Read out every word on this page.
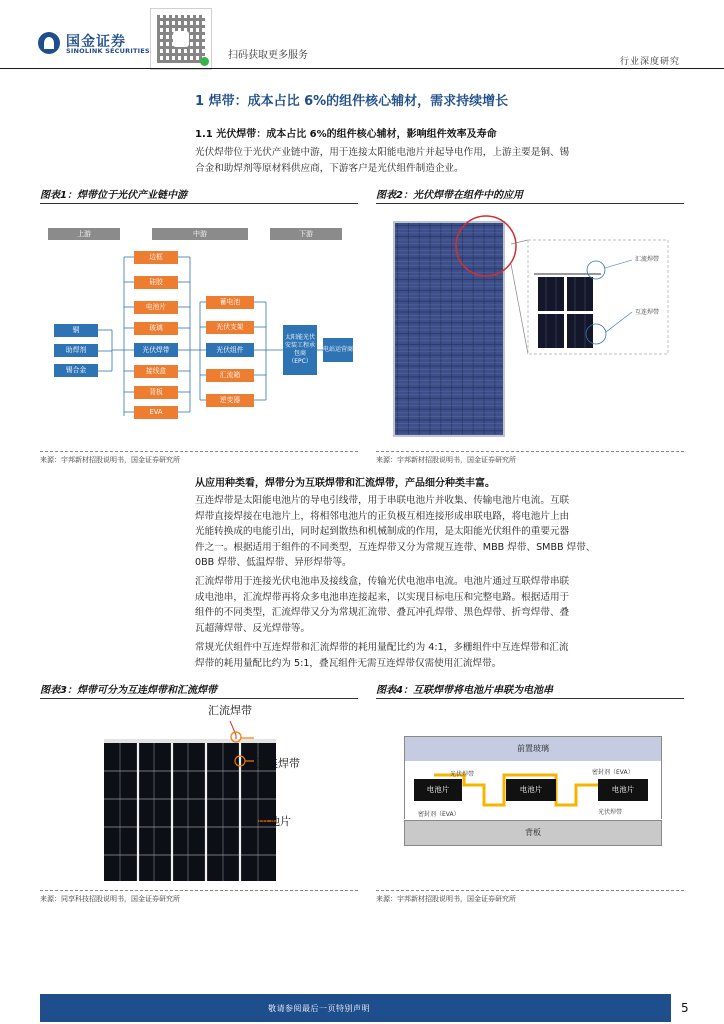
国金证券
SINOLINK SECURITIES	扫码获取更多服务
行业深度研究
1 焊带：成本占比 6%的组件核心辅材，需求持续增长
1.1 光伏焊带：成本占比 6%的组件核心辅材，影响组件效率及寿命
光伏焊带位于光伏产业链中游，用于连接太阳能电池片并起导电作用，上游主要是铜、锡
合金和助焊剂等原材料供应商，下游客户是光伏组件制造企业。
图表1：焊带位于光伏产业链中游
上游	中游	下游
铜
助焊剂
锡合金
边框
硅胶
电池片
玻璃
光伏焊带
接线盒
背板
EVA
蓄电池
光伏支架
光伏组件
汇流箱
逆变器
太阳能光伏安装工程承包商（EPC）
电站运营商
来源：宇邦新材招股说明书，国金证券研究所
图表2：光伏焊带在组件中的应用
汇流焊带
互连焊带
来源：宇邦新材招股说明书，国金证券研究所
从应用种类看，焊带分为互联焊带和汇流焊带，产品细分种类丰富。
互连焊带是太阳能电池片的导电引线带，用于串联电池片并收集、传输电池片电流。互联
焊带直接焊接在电池片上，将相邻电池片的正负极互相连接形成串联电路，将电池片上由
光能转换成的电能引出，同时起到散热和机械制成的作用，是太阳能光伏组件的重要元器
件之一。根据适用于组件的不同类型，互连焊带又分为常规互连带、MBB 焊带、SMBB 焊带、
0BB 焊带、低温焊带、异形焊带等。
汇流焊带用于连接光伏电池串及接线盒，传输光伏电池串电流。电池片通过互联焊带串联
成电池串，汇流焊带再将众多电池串连接起来，以实现目标电压和完整电路。根据适用于
组件的不同类型，汇流焊带又分为常规汇流带、叠瓦冲孔焊带、黑色焊带、折弯焊带、叠
瓦超薄焊带、反光焊带等。
常规光伏组件中互连焊带和汇流焊带的耗用量配比约为 4:1，多栅组件中互连焊带和汇流
焊带的耗用量配比约为 5:1，叠瓦组件无需互连焊带仅需使用汇流焊带。
图表3：焊带可分为互连焊带和汇流焊带
汇流焊带
互连焊带
电池片
来源：同享科技招股说明书，国金证券研究所
图表4：互联焊带将电池片串联为电池串
前置玻璃
电池片	电池片	电池片
光伏焊带
光伏焊带
密封剂（EVA）
密封剂（EVA）
背板
来源：宇邦新材招股说明书，国金证券研究所
敬请参阅最后一页特别声明	5
